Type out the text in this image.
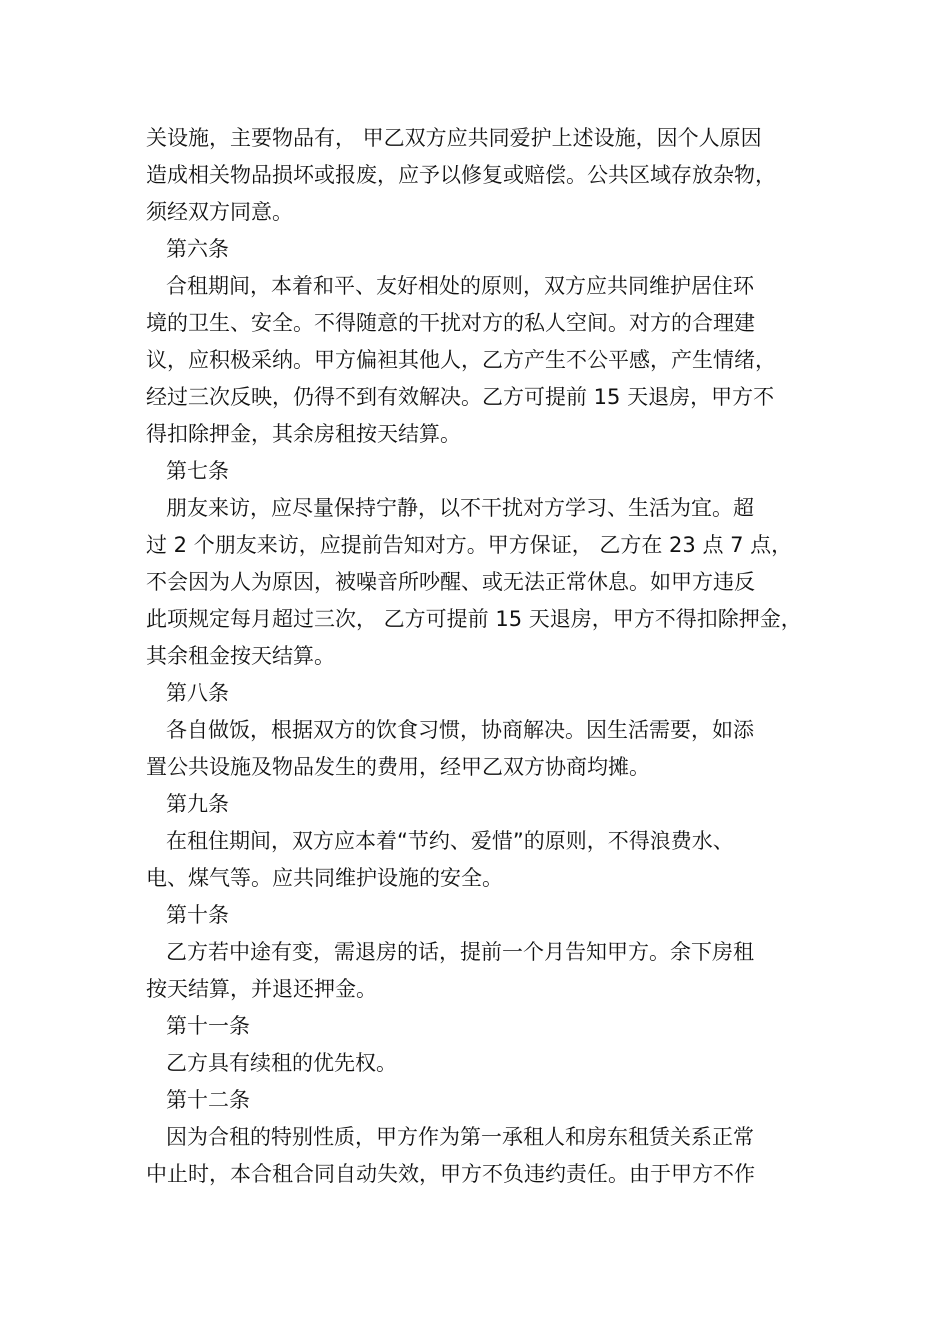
关设施，主要物品有， 甲乙双方应共同爱护上述设施，因个人原因
造成相关物品损坏或报废，应予以修复或赔偿。公共区域存放杂物，
须经双方同意。
第六条
合租期间，本着和平、友好相处的原则，双方应共同维护居住环
境的卫生、安全。不得随意的干扰对方的私人空间。对方的合理建
议，应积极采纳。甲方偏袒其他人，乙方产生不公平感，产生情绪，
经过三次反映，仍得不到有效解决。乙方可提前 15 天退房，甲方不
得扣除押金，其余房租按天结算。
第七条
朋友来访，应尽量保持宁静，以不干扰对方学习、生活为宜。超
过 2 个朋友来访，应提前告知对方。甲方保证， 乙方在 23 点 7 点，
不会因为人为原因，被噪音所吵醒、或无法正常休息。如甲方违反
此项规定每月超过三次， 乙方可提前 15 天退房，甲方不得扣除押金，
其余租金按天结算。
第八条
各自做饭，根据双方的饮食习惯，协商解决。因生活需要，如添
置公共设施及物品发生的费用，经甲乙双方协商均摊。
第九条
在租住期间，双方应本着“节约、爱惜”的原则，不得浪费水、
电、煤气等。应共同维护设施的安全。
第十条
乙方若中途有变，需退房的话，提前一个月告知甲方。余下房租
按天结算，并退还押金。
第十一条
乙方具有续租的优先权。
第十二条
因为合租的特别性质，甲方作为第一承租人和房东租赁关系正常
中止时，本合租合同自动失效，甲方不负违约责任。由于甲方不作
